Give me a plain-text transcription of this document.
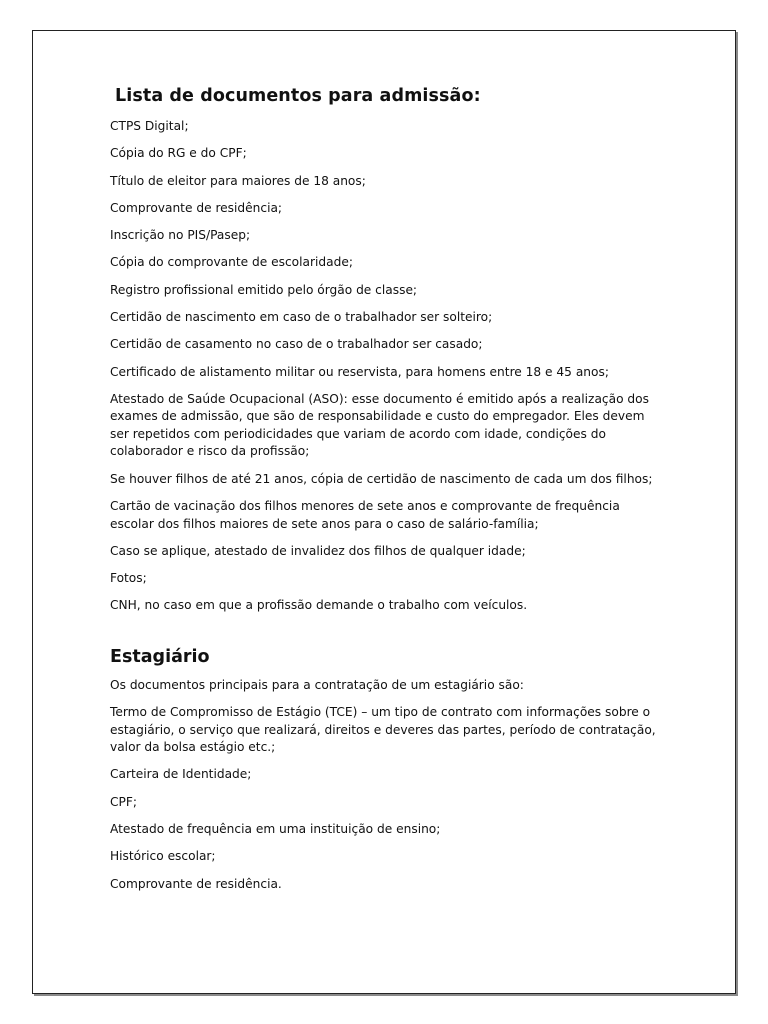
Lista de documentos para admissão:

CTPS Digital;

Cópia do RG e do CPF;

Título de eleitor para maiores de 18 anos;

Comprovante de residência;

Inscrição no PIS/Pasep;

Cópia do comprovante de escolaridade;

Registro profissional emitido pelo órgão de classe;

Certidão de nascimento em caso de o trabalhador ser solteiro;

Certidão de casamento no caso de o trabalhador ser casado;

Certificado de alistamento militar ou reservista, para homens entre 18 e 45 anos;

Atestado de Saúde Ocupacional (ASO): esse documento é emitido após a realização dos exames de admissão, que são de responsabilidade e custo do empregador. Eles devem ser repetidos com periodicidades que variam de acordo com idade, condições do colaborador e risco da profissão;

Se houver filhos de até 21 anos, cópia de certidão de nascimento de cada um dos filhos;

Cartão de vacinação dos filhos menores de sete anos e comprovante de frequência escolar dos filhos maiores de sete anos para o caso de salário-família;

Caso se aplique, atestado de invalidez dos filhos de qualquer idade;

Fotos;

CNH, no caso em que a profissão demande o trabalho com veículos.

Estagiário

Os documentos principais para a contratação de um estagiário são:

Termo de Compromisso de Estágio (TCE) – um tipo de contrato com informações sobre o estagiário, o serviço que realizará, direitos e deveres das partes, período de contratação, valor da bolsa estágio etc.;

Carteira de Identidade;

CPF;

Atestado de frequência em uma instituição de ensino;

Histórico escolar;

Comprovante de residência.
